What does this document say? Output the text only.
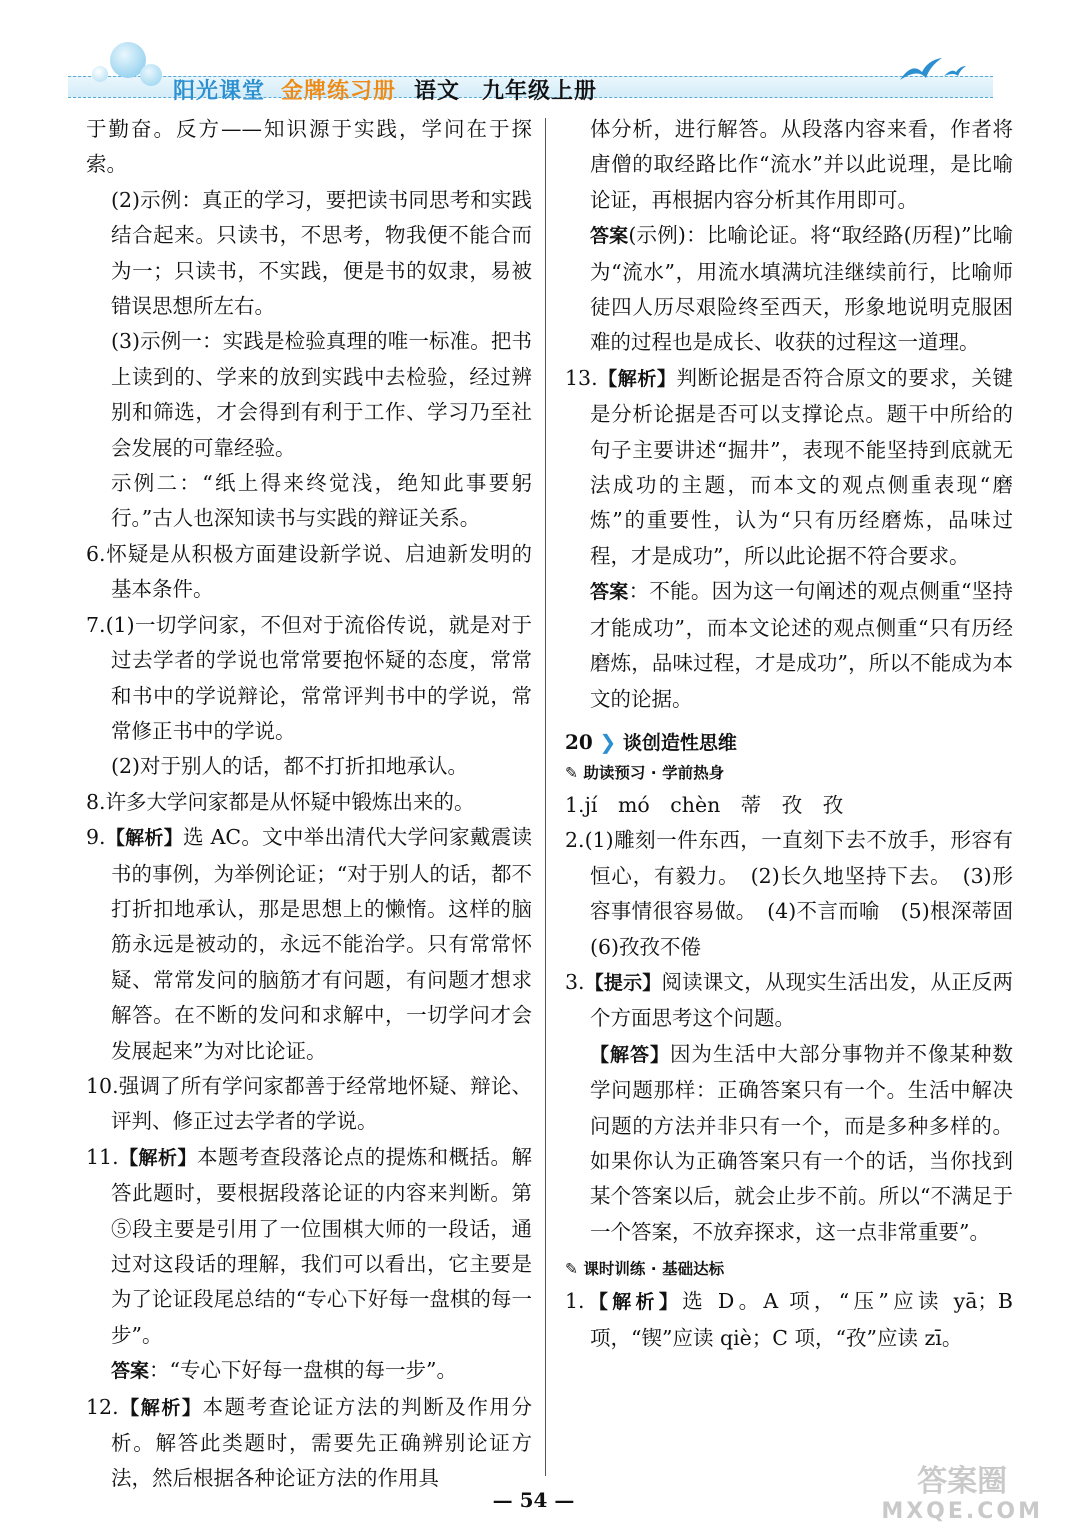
阳光课堂 金牌练习册 语文 九年级上册
于勤奋。反方——知识源于实践，学问在于探索。
(2)示例：真正的学习，要把读书同思考和实践结合起来。只读书，不思考，物我便不能合而为一；只读书，不实践，便是书的奴隶，易被错误思想所左右。
(3)示例一：实践是检验真理的唯一标准。把书上读到的、学来的放到实践中去检验，经过辨别和筛选，才会得到有利于工作、学习乃至社会发展的可靠经验。
示例二：“纸上得来终觉浅，绝知此事要躬行。”古人也深知读书与实践的辩证关系。
6.怀疑是从积极方面建设新学说、启迪新发明的基本条件。
7.(1)一切学问家，不但对于流俗传说，就是对于过去学者的学说也常常要抱怀疑的态度，常常和书中的学说辩论，常常评判书中的学说，常常修正书中的学说。
(2)对于别人的话，都不打折扣地承认。
8.许多大学问家都是从怀疑中锻炼出来的。
9.【解析】选 AC。文中举出清代大学问家戴震读书的事例，为举例论证；“对于别人的话，都不打折扣地承认，那是思想上的懒惰。这样的脑筋永远是被动的，永远不能治学。只有常常怀疑、常常发问的脑筋才有问题，有问题才想求解答。在不断的发问和求解中，一切学问才会发展起来”为对比论证。
10.强调了所有学问家都善于经常地怀疑、辩论、评判、修正过去学者的学说。
11.【解析】本题考查段落论点的提炼和概括。解答此题时，要根据段落论证的内容来判断。第⑤段主要是引用了一位围棋大师的一段话，通过对这段话的理解，我们可以看出，它主要是为了论证段尾总结的“专心下好每一盘棋的每一步”。
答案：“专心下好每一盘棋的每一步”。
12.【解析】本题考查论证方法的判断及作用分析。解答此类题时，需要先正确辨别论证方法，然后根据各种论证方法的作用具
体分析，进行解答。从段落内容来看，作者将唐僧的取经路比作“流水”并以此说理，是比喻论证，再根据内容分析其作用即可。
答案(示例)：比喻论证。将“取经路(历程)”比喻为“流水”，用流水填满坑洼继续前行，比喻师徒四人历尽艰险终至西天，形象地说明克服困难的过程也是成长、收获的过程这一道理。
13.【解析】判断论据是否符合原文的要求，关键是分析论据是否可以支撑论点。题干中所给的句子主要讲述“掘井”，表现不能坚持到底就无法成功的主题，而本文的观点侧重表现“磨炼”的重要性，认为“只有历经磨炼，品味过程，才是成功”，所以此论据不符合要求。
答案：不能。因为这一句阐述的观点侧重“坚持才能成功”，而本文论述的观点侧重“只有历经磨炼，品味过程，才是成功”，所以不能成为本文的论据。
20 ❯ 谈创造性思维
✎ 助读预习 · 学前热身
1.jí　mó　chèn　蒂　孜　孜
2.(1)雕刻一件东西，一直刻下去不放手，形容有恒心，有毅力。　(2)长久地坚持下去。　(3)形容事情很容易做。　(4)不言而喻　(5)根深蒂固　(6)孜孜不倦
3.【提示】阅读课文，从现实生活出发，从正反两个方面思考这个问题。
【解答】因为生活中大部分事物并不像某种数学问题那样：正确答案只有一个。生活中解决问题的方法并非只有一个，而是多种多样的。如果你认为正确答案只有一个的话，当你找到某个答案以后，就会止步不前。所以“不满足于一个答案，不放弃探求，这一点非常重要”。
✎ 课时训练 · 基础达标
1.【解析】选 D。A 项，“压”应读 yā；B 项，“锲”应读 qiè；C 项，“孜”应读 zī。
— 54 —
答案圈
MXQE.COM
